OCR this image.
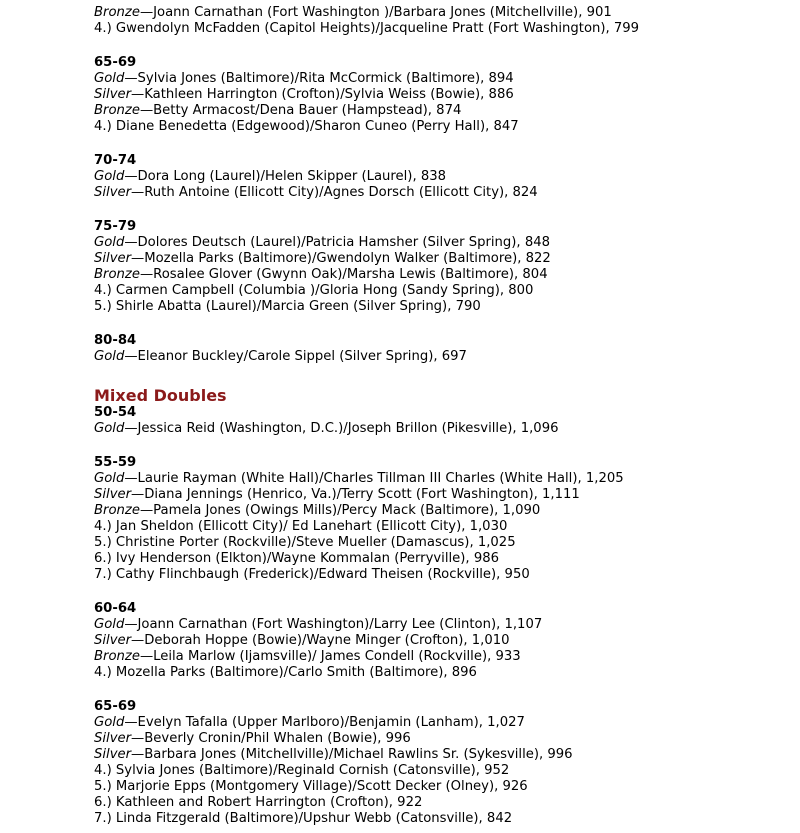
Bronze—Joann Carnathan (Fort Washington )/Barbara Jones (Mitchellville), 901
4.) Gwendolyn McFadden (Capitol Heights)/Jacqueline Pratt (Fort Washington), 799
65-69
Gold—Sylvia Jones (Baltimore)/Rita McCormick (Baltimore), 894
Silver—Kathleen Harrington (Crofton)/Sylvia Weiss (Bowie), 886
Bronze—Betty Armacost/Dena Bauer (Hampstead), 874
4.) Diane Benedetta (Edgewood)/Sharon Cuneo (Perry Hall), 847
70-74
Gold—Dora Long (Laurel)/Helen Skipper (Laurel), 838
Silver—Ruth Antoine (Ellicott City)/Agnes Dorsch (Ellicott City), 824
75-79
Gold—Dolores Deutsch (Laurel)/Patricia Hamsher (Silver Spring), 848
Silver—Mozella Parks (Baltimore)/Gwendolyn Walker (Baltimore), 822
Bronze—Rosalee Glover (Gwynn Oak)/Marsha Lewis (Baltimore), 804
4.) Carmen Campbell (Columbia )/Gloria Hong (Sandy Spring), 800
5.) Shirle Abatta (Laurel)/Marcia Green (Silver Spring), 790
80-84
Gold—Eleanor Buckley/Carole Sippel (Silver Spring), 697
Mixed Doubles
50-54
Gold—Jessica Reid (Washington, D.C.)/Joseph Brillon (Pikesville), 1,096
55-59
Gold—Laurie Rayman (White Hall)/Charles Tillman III Charles (White Hall), 1,205
Silver—Diana Jennings (Henrico, Va.)/Terry Scott (Fort Washington), 1,111
Bronze—Pamela Jones (Owings Mills)/Percy Mack (Baltimore), 1,090
4.) Jan Sheldon (Ellicott City)/ Ed Lanehart (Ellicott City), 1,030
5.) Christine Porter (Rockville)/Steve Mueller (Damascus), 1,025
6.) Ivy Henderson (Elkton)/Wayne Kommalan (Perryville), 986
7.) Cathy Flinchbaugh (Frederick)/Edward Theisen (Rockville), 950
60-64
Gold—Joann Carnathan (Fort Washington)/Larry Lee (Clinton), 1,107
Silver—Deborah Hoppe (Bowie)/Wayne Minger (Crofton), 1,010
Bronze—Leila Marlow (Ijamsville)/ James Condell (Rockville), 933
4.) Mozella Parks (Baltimore)/Carlo Smith (Baltimore), 896
65-69
Gold—Evelyn Tafalla (Upper Marlboro)/Benjamin (Lanham), 1,027
Silver—Beverly Cronin/Phil Whalen (Bowie), 996
Silver—Barbara Jones (Mitchellville)/Michael Rawlins Sr. (Sykesville), 996
4.) Sylvia Jones (Baltimore)/Reginald Cornish (Catonsville), 952
5.) Marjorie Epps (Montgomery Village)/Scott Decker (Olney), 926
6.) Kathleen and Robert Harrington (Crofton), 922
7.) Linda Fitzgerald (Baltimore)/Upshur Webb (Catonsville), 842
